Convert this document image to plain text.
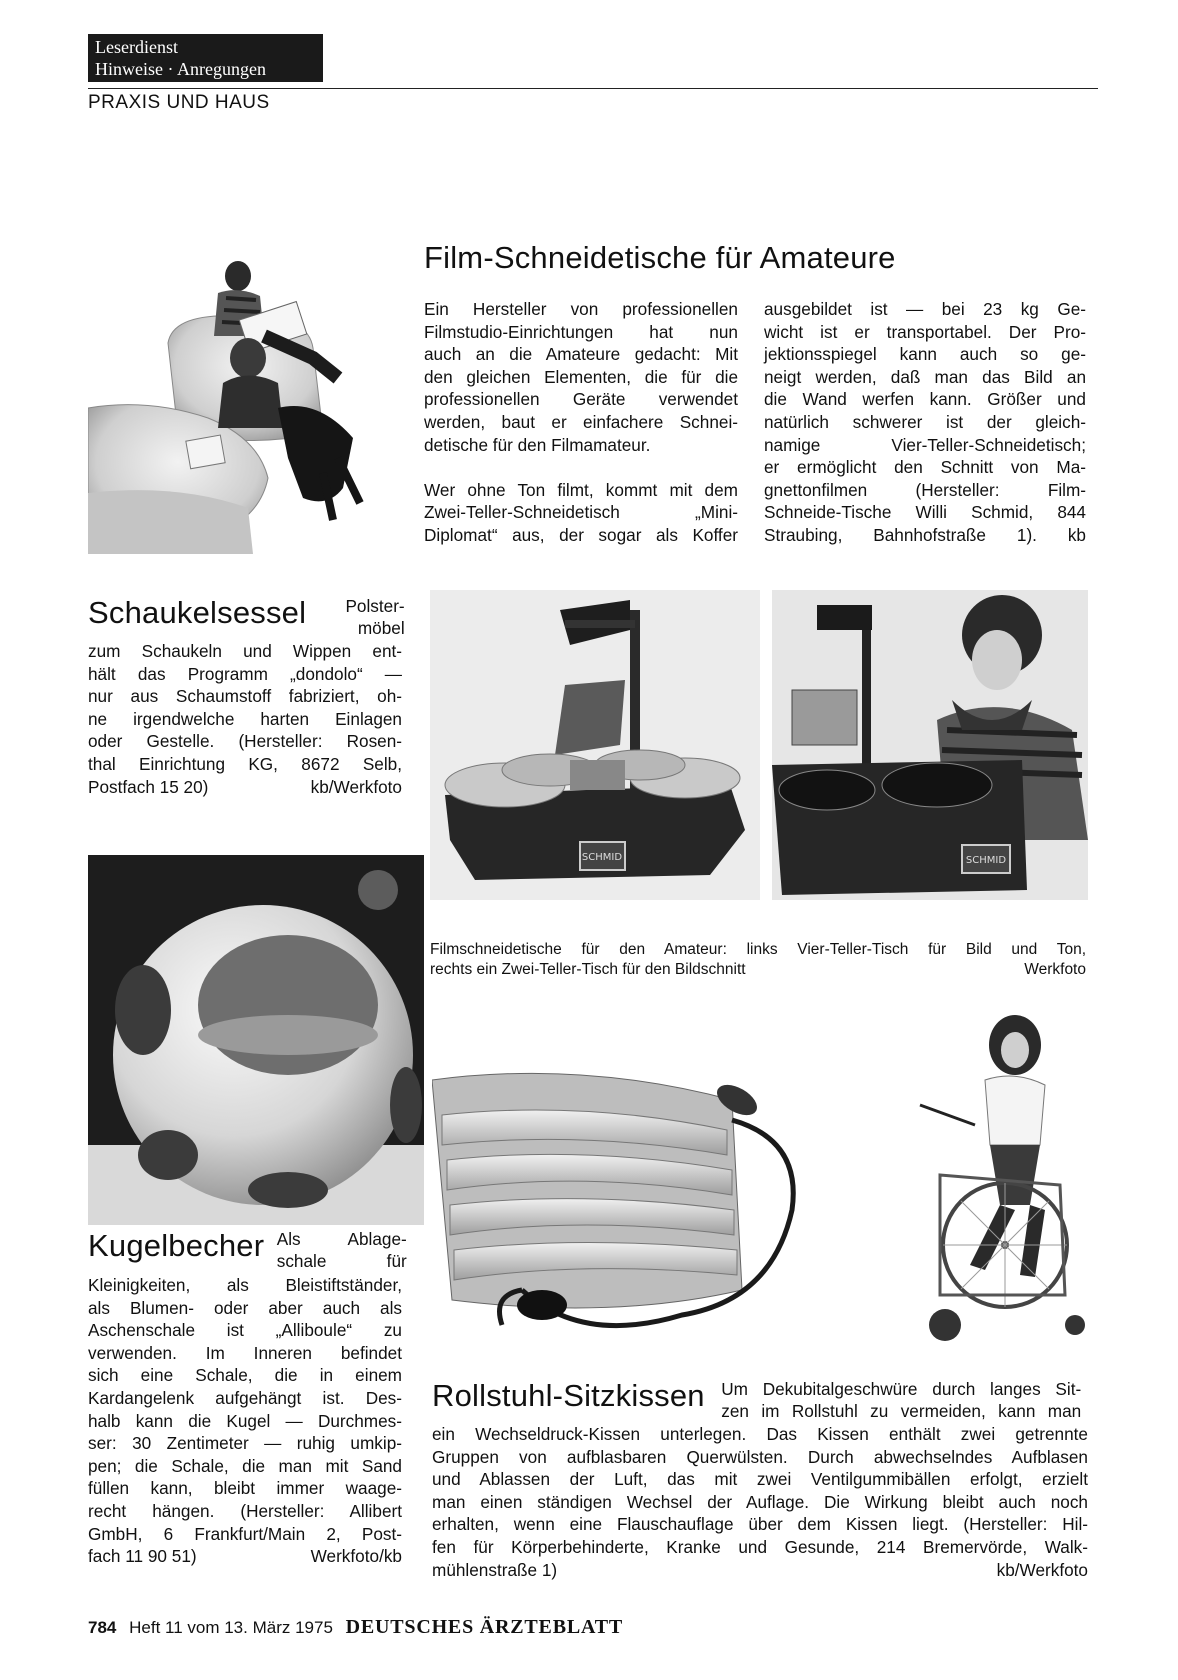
Leserdienst
Hinweise · Anregungen
PRAXIS UND HAUS
Film-Schneidetische für Amateure
Ein Hersteller von professionellen
Filmstudio-Einrichtungen hat nun
auch an die Amateure gedacht: Mit
den gleichen Elementen, die für die
professionellen Geräte verwendet
werden, baut er einfachere Schnei-
detische für den Filmamateur.

Wer ohne Ton filmt, kommt mit dem
Zwei-Teller-Schneidetisch „Mini-
Diplomat“ aus, der sogar als Koffer
ausgebildet ist — bei 23 kg Ge-
wicht ist er transportabel. Der Pro-
jektionsspiegel kann auch so ge-
neigt werden, daß man das Bild an
die Wand werfen kann. Größer und
natürlich schwerer ist der gleich-
namige Vier-Teller-Schneidetisch;
er ermöglicht den Schnitt von Ma-
gnettonfilmen (Hersteller: Film-
Schneide-Tische Willi Schmid, 844
Straubing, Bahnhofstraße 1). kb
Schaukelsessel	Polster-
möbel
zum Schaukeln und Wippen ent-
hält das Programm „dondolo“ —
nur aus Schaumstoff fabriziert, oh-
ne irgendwelche harten Einlagen
oder Gestelle. (Hersteller: Rosen-
thal Einrichtung KG, 8672 Selb,
Postfach 15 20)	kb/Werkfoto
SCHMID	SCHMID
Filmschneidetische für den Amateur: links Vier-Teller-Tisch für Bild und Ton,
rechts ein Zwei-Teller-Tisch für den Bildschnitt	Werkfoto
Kugelbecher Als Ablage-
schale für
Kleinigkeiten, als Bleistiftständer,
als Blumen- oder aber auch als
Aschenschale ist „Alliboule“ zu
verwenden. Im Inneren befindet
sich eine Schale, die in einem
Kardangelenk aufgehängt ist. Des-
halb kann die Kugel — Durchmes-
ser: 30 Zentimeter — ruhig umkip-
pen; die Schale, die man mit Sand
füllen kann, bleibt immer waage-
recht hängen. (Hersteller: Allibert
GmbH, 6 Frankfurt/Main 2, Post-
fach 11 90 51)	Werkfoto/kb
Rollstuhl-Sitzkissen Um Dekubitalgeschwüre durch langes Sit-
zen im Rollstuhl zu vermeiden, kann man
ein Wechseldruck-Kissen unterlegen. Das Kissen enthält zwei getrennte
Gruppen von aufblasbaren Querwülsten. Durch abwechselndes Aufblasen
und Ablassen der Luft, das mit zwei Ventilgummibällen erfolgt, erzielt
man einen ständigen Wechsel der Auflage. Die Wirkung bleibt auch noch
erhalten, wenn eine Flauschauflage über dem Kissen liegt. (Hersteller: Hil-
fen für Körperbehinderte, Kranke und Gesunde, 214 Bremervörde, Walk-
mühlenstraße 1)	kb/Werkfoto
784 Heft 11 vom 13. März 1975 DEUTSCHES ÄRZTEBLATT
